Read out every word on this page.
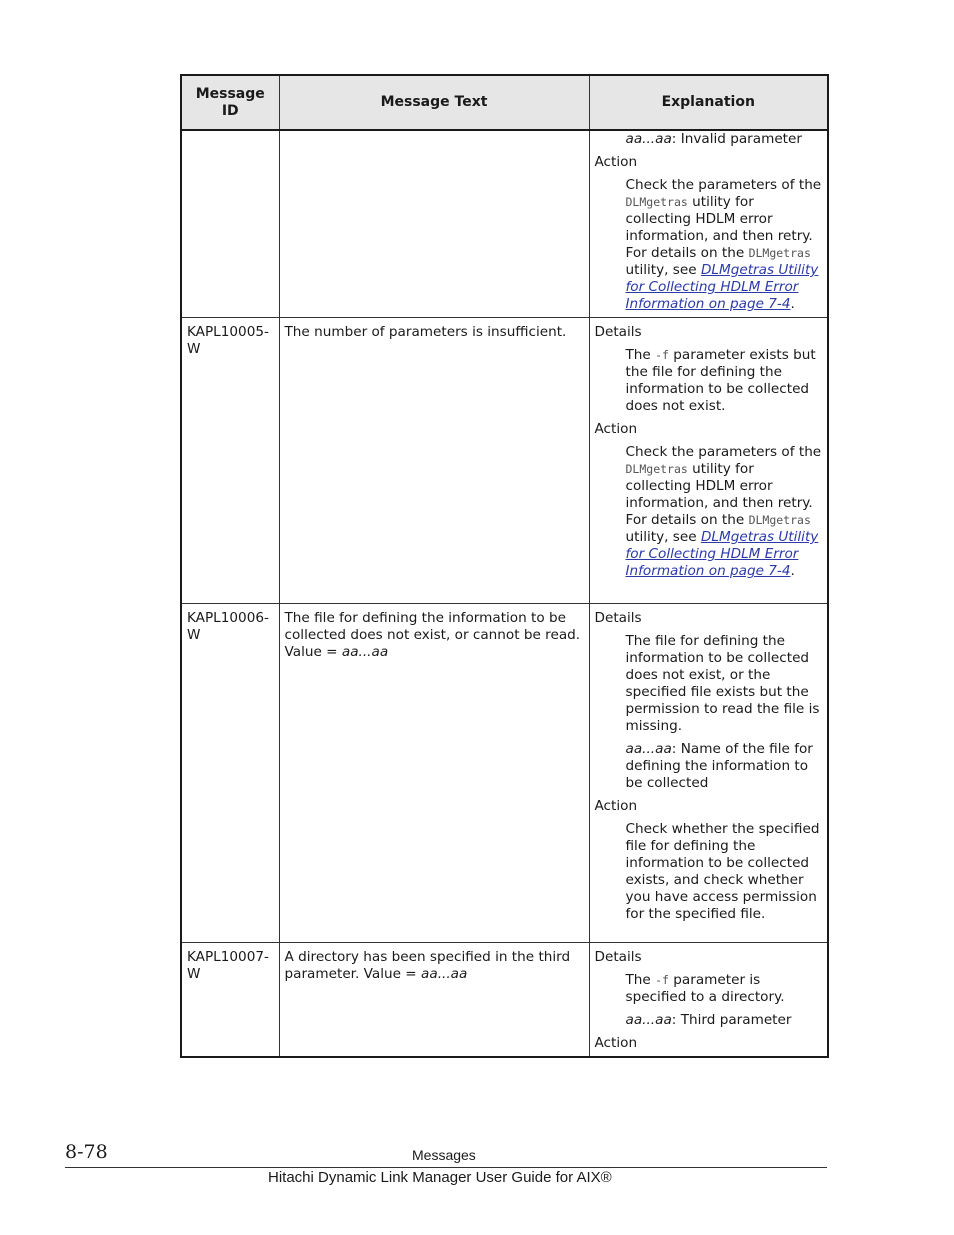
Message ID	Message Text	Explanation

		aa...aa: Invalid parameter
Action
Check the parameters of the DLMgetras utility for collecting HDLM error information, and then retry. For details on the DLMgetras utility, see DLMgetras Utility for Collecting HDLM Error Information on page 7-4.

KAPL10005-W	The number of parameters is insufficient.	Details
The -f parameter exists but the file for defining the information to be collected does not exist.
Action
Check the parameters of the DLMgetras utility for collecting HDLM error information, and then retry. For details on the DLMgetras utility, see DLMgetras Utility for Collecting HDLM Error Information on page 7-4.

KAPL10006-W	The file for defining the information to be collected does not exist, or cannot be read. Value = aa...aa	Details
The file for defining the information to be collected does not exist, or the specified file exists but the permission to read the file is missing.
aa...aa: Name of the file for defining the information to be collected
Action
Check whether the specified file for defining the information to be collected exists, and check whether you have access permission for the specified file.

KAPL10007-W	A directory has been specified in the third parameter. Value = aa...aa	Details
The -f parameter is specified to a directory.
aa...aa: Third parameter
Action
8-78	Messages
Hitachi Dynamic Link Manager User Guide for AIX®
